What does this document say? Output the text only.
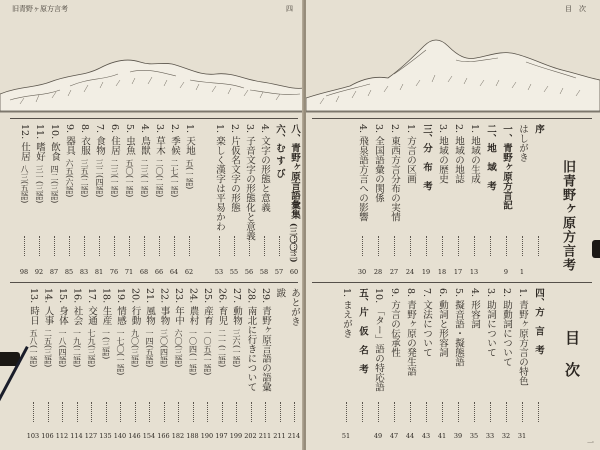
旧青野ヶ原方言考	四
1. 天地五(一語)
62
2. 季候二七(一語)
64
3. 草木二〇(二語)
66
4. 鳥獣二三(一語)
68
5. 虫魚五〇(一語)
71
6. 住居二三(一語)
76
7. 食物三二(四語)
81
8. 衣服三五(二語)
83
9. 器具六五(六語)
85
10. 飲食四二(三語)
87
11. 嗜好三一(三語)
92
12. 仕居八三(五語)
98
八、青野ヶ原言語彙集(三〇〇三)
60
六、む す び
57
4. 文字の形態と意義
58
3. 子音文字の形態化と意義
56
2. 片仮名文字の形態
55
1. 楽しく漢字は平易かわ
53
あとがき
214
跋
211
29. 青野ヶ原言語の語彙
211
28. 南北に行きについて
202
27. 動物三六(一語)
199
26. 育児二一(二語)
197
25. 産育一〇五(一語)
190
24. 農村一〇四(一語)
188
23. 年中六〇(三語)
182
22. 事物三〇(四語)
166
21. 風物一四(五語)
154
20. 行動九〇(三語)
146
19. 情感一七〇(一語)
140
18. 生産一(三語)
135
17. 交通七九(三語)
127
16. 社会一九(二語)
114
15. 身体一八(四語)
112
14. 人事二五(三語)
106
13. 時日五八(一語)
103
目　次
旧青野ヶ原方言考
目　次
序
はしがき
1
一、青野ヶ原方言記
9
二、地　域　考
1. 地域の生成
13
2. 地域の地誌
17
3. 地域の歴史
18
三、分　布　考
19
1. 方言の区画
24
2. 東西方言分布の実情
27
3. 全国語彙の関係
28
4. 飛泉語方言への影響
30
四、方　言　考
1. 青野ヶ原方言の特色
31
2. 助動詞について
32
3. 助詞について
33
4. 形容詞
35
5. 擬音語・擬態語
39
6. 動詞と形容詞
41
7. 文法について
43
8. 青野ヶ原の発生語
44
9. 方言の伝承性
47
10. 「ター」語の特応語
49
五、片　仮　名　考
1. まえがき
51
一
